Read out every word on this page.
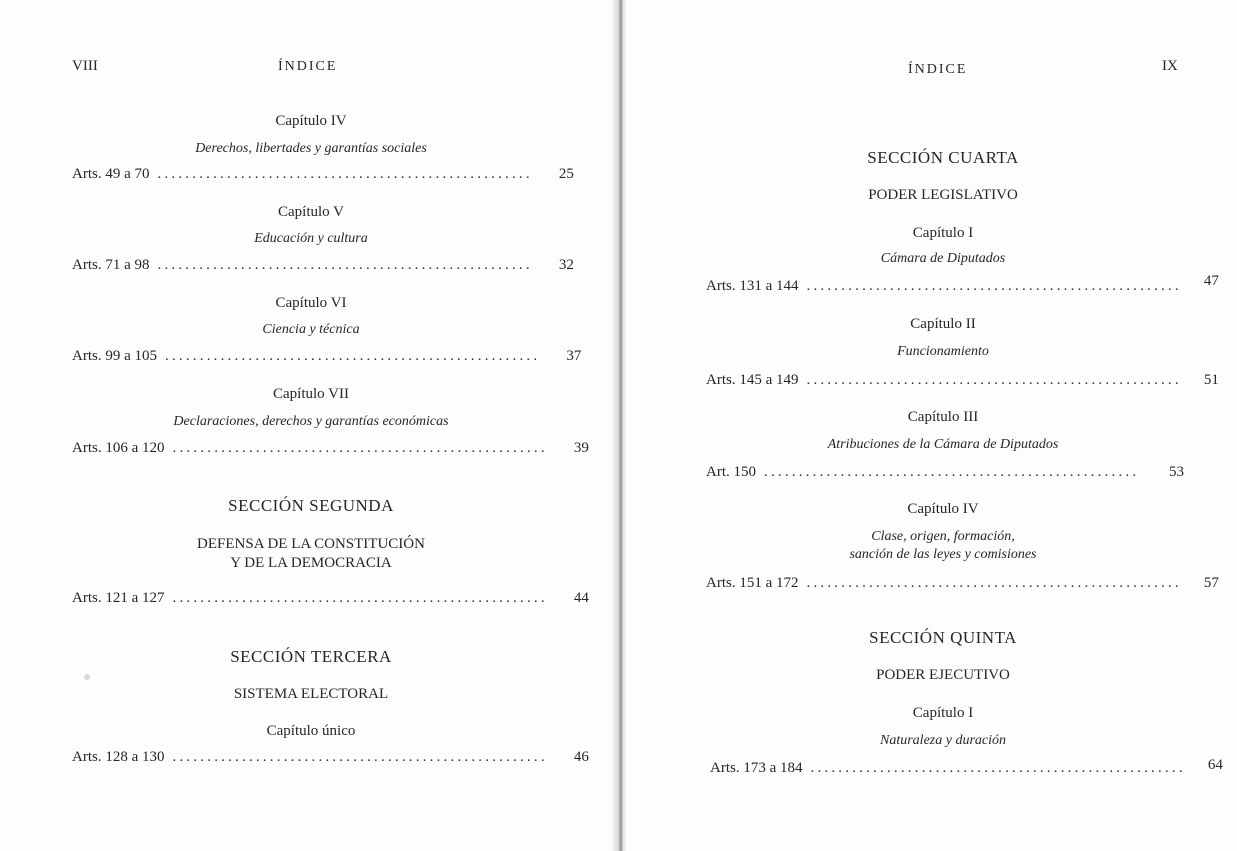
VIII	ÍNDICE
Capítulo IV
Derechos, libertades y garantías sociales
Arts. 49 a 70 ...................................................... 25
Capítulo V
Educación y cultura
Arts. 71 a 98 ...................................................... 32
Capítulo VI
Ciencia y técnica
Arts. 99 a 105 ...................................................... 37
Capítulo VII
Declaraciones, derechos y garantías económicas
Arts. 106 a 120 ...................................................... 39
SECCIÓN SEGUNDA
DEFENSA DE LA CONSTITUCIÓN
Y DE LA DEMOCRACIA
Arts. 121 a 127 ...................................................... 44
SECCIÓN TERCERA
SISTEMA ELECTORAL
Capítulo único
Arts. 128 a 130 ...................................................... 46
ÍNDICE	IX
SECCIÓN CUARTA
PODER LEGISLATIVO
Capítulo I
Cámara de Diputados
Arts. 131 a 144 ...................................................... 47
Capítulo II
Funcionamiento
Arts. 145 a 149 ...................................................... 51
Capítulo III
Atribuciones de la Cámara de Diputados
Art. 150 ......................................................	53
Capítulo IV
Clase, origen, formación,
sanción de las leyes y comisiones
Arts. 151 a 172 ...................................................... 57
SECCIÓN QUINTA
PODER EJECUTIVO
Capítulo I
Naturaleza y duración
Arts. 173 a 184 ...................................................... 64
